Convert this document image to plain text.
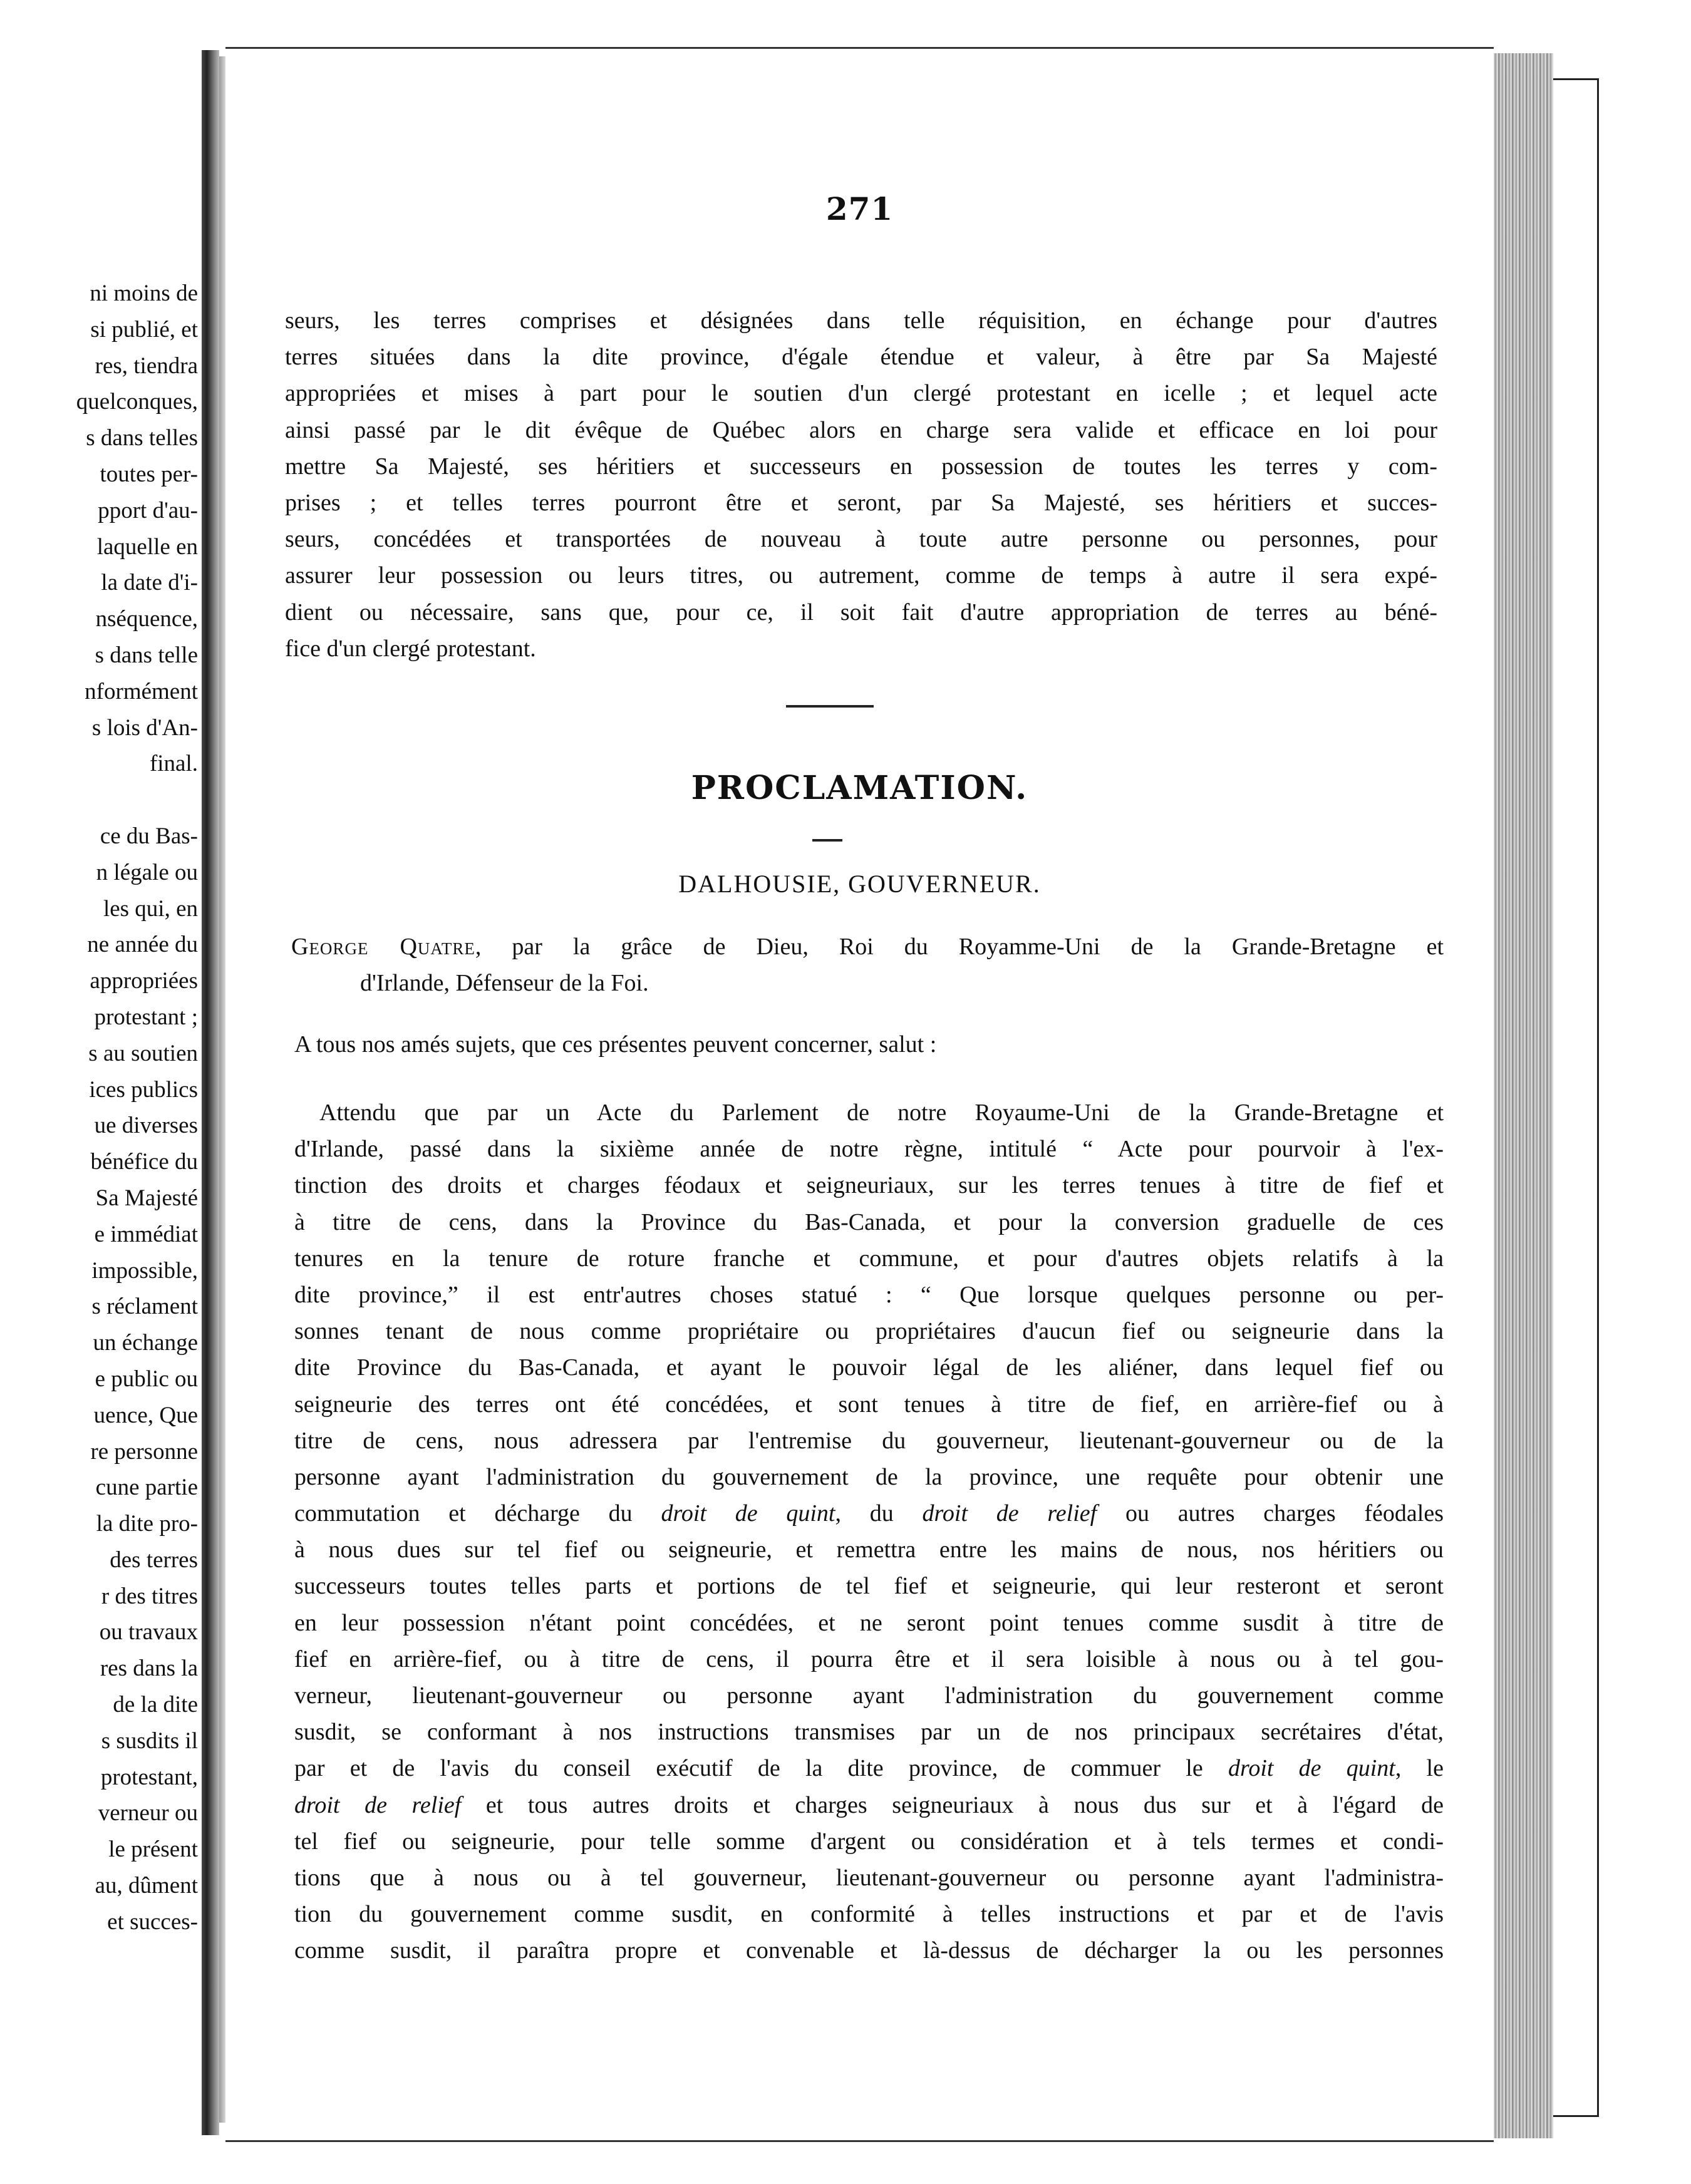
ni moins de
si publié, et
res, tiendra
quelconques,
s dans telles
toutes per-
pport d'au-
laquelle en
la date d'i-
nséquence,
s dans telle
nformément
s lois d'An-
final.
ce du Bas-
n légale ou
les qui, en
ne année du
appropriées
protestant ;
s au soutien
ices publics
ue diverses
bénéfice du
Sa Majesté
e immédiat
impossible,
s réclament
un échange
e public ou
uence, Que
re personne
cune partie
la dite pro-
des terres
r des titres
ou travaux
res dans la
de la dite
s susdits il
protestant,
verneur ou
le présent
au, dûment
et succes-
271
seurs, les terres comprises et désignées dans telle réquisition, en échange pour d'autres
terres situées dans la dite province, d'égale étendue et valeur, à être par Sa Majesté
appropriées et mises à part pour le soutien d'un clergé protestant en icelle ; et lequel acte
ainsi passé par le dit évêque de Québec alors en charge sera valide et efficace en loi pour
mettre Sa Majesté, ses héritiers et successeurs en possession de toutes les terres y com-
prises ; et telles terres pourront être et seront, par Sa Majesté, ses héritiers et succes-
seurs, concédées et transportées de nouveau à toute autre personne ou personnes, pour
assurer leur possession ou leurs titres, ou autrement, comme de temps à autre il sera expé-
dient ou nécessaire, sans que, pour ce, il soit fait d'autre appropriation de terres au béné-
fice d'un clergé protestant.
PROCLAMATION.
DALHOUSIE, GOUVERNEUR.
George Quatre, par la grâce de Dieu, Roi du Royamme-Uni de la Grande-Bretagne et
d'Irlande, Défenseur de la Foi.
A tous nos amés sujets, que ces présentes peuvent concerner, salut :
Attendu que par un Acte du Parlement de notre Royaume-Uni de la Grande-Bretagne et
d'Irlande, passé dans la sixième année de notre règne, intitulé “ Acte pour pourvoir à l'ex-
tinction des droits et charges féodaux et seigneuriaux, sur les terres tenues à titre de fief et
à titre de cens, dans la Province du Bas-Canada, et pour la conversion graduelle de ces
tenures en la tenure de roture franche et commune, et pour d'autres objets relatifs à la
dite province,” il est entr'autres choses statué : “ Que lorsque quelques personne ou per-
sonnes tenant de nous comme propriétaire ou propriétaires d'aucun fief ou seigneurie dans la
dite Province du Bas-Canada, et ayant le pouvoir légal de les aliéner, dans lequel fief ou
seigneurie des terres ont été concédées, et sont tenues à titre de fief, en arrière-fief ou à
titre de cens, nous adressera par l'entremise du gouverneur, lieutenant-gouverneur ou de la
personne ayant l'administration du gouvernement de la province, une requête pour obtenir une
commutation et décharge du droit de quint, du droit de relief ou autres charges féodales
à nous dues sur tel fief ou seigneurie, et remettra entre les mains de nous, nos héritiers ou
successeurs toutes telles parts et portions de tel fief et seigneurie, qui leur resteront et seront
en leur possession n'étant point concédées, et ne seront point tenues comme susdit à titre de
fief en arrière-fief, ou à titre de cens, il pourra être et il sera loisible à nous ou à tel gou-
verneur, lieutenant-gouverneur ou personne ayant l'administration du gouvernement comme
susdit, se conformant à nos instructions transmises par un de nos principaux secrétaires d'état,
par et de l'avis du conseil exécutif de la dite province, de commuer le droit de quint, le
droit de relief et tous autres droits et charges seigneuriaux à nous dus sur et à l'égard de
tel fief ou seigneurie, pour telle somme d'argent ou considération et à tels termes et condi-
tions que à nous ou à tel gouverneur, lieutenant-gouverneur ou personne ayant l'administra-
tion du gouvernement comme susdit, en conformité à telles instructions et par et de l'avis
comme susdit, il paraîtra propre et convenable et là-dessus de décharger la ou les personnes
